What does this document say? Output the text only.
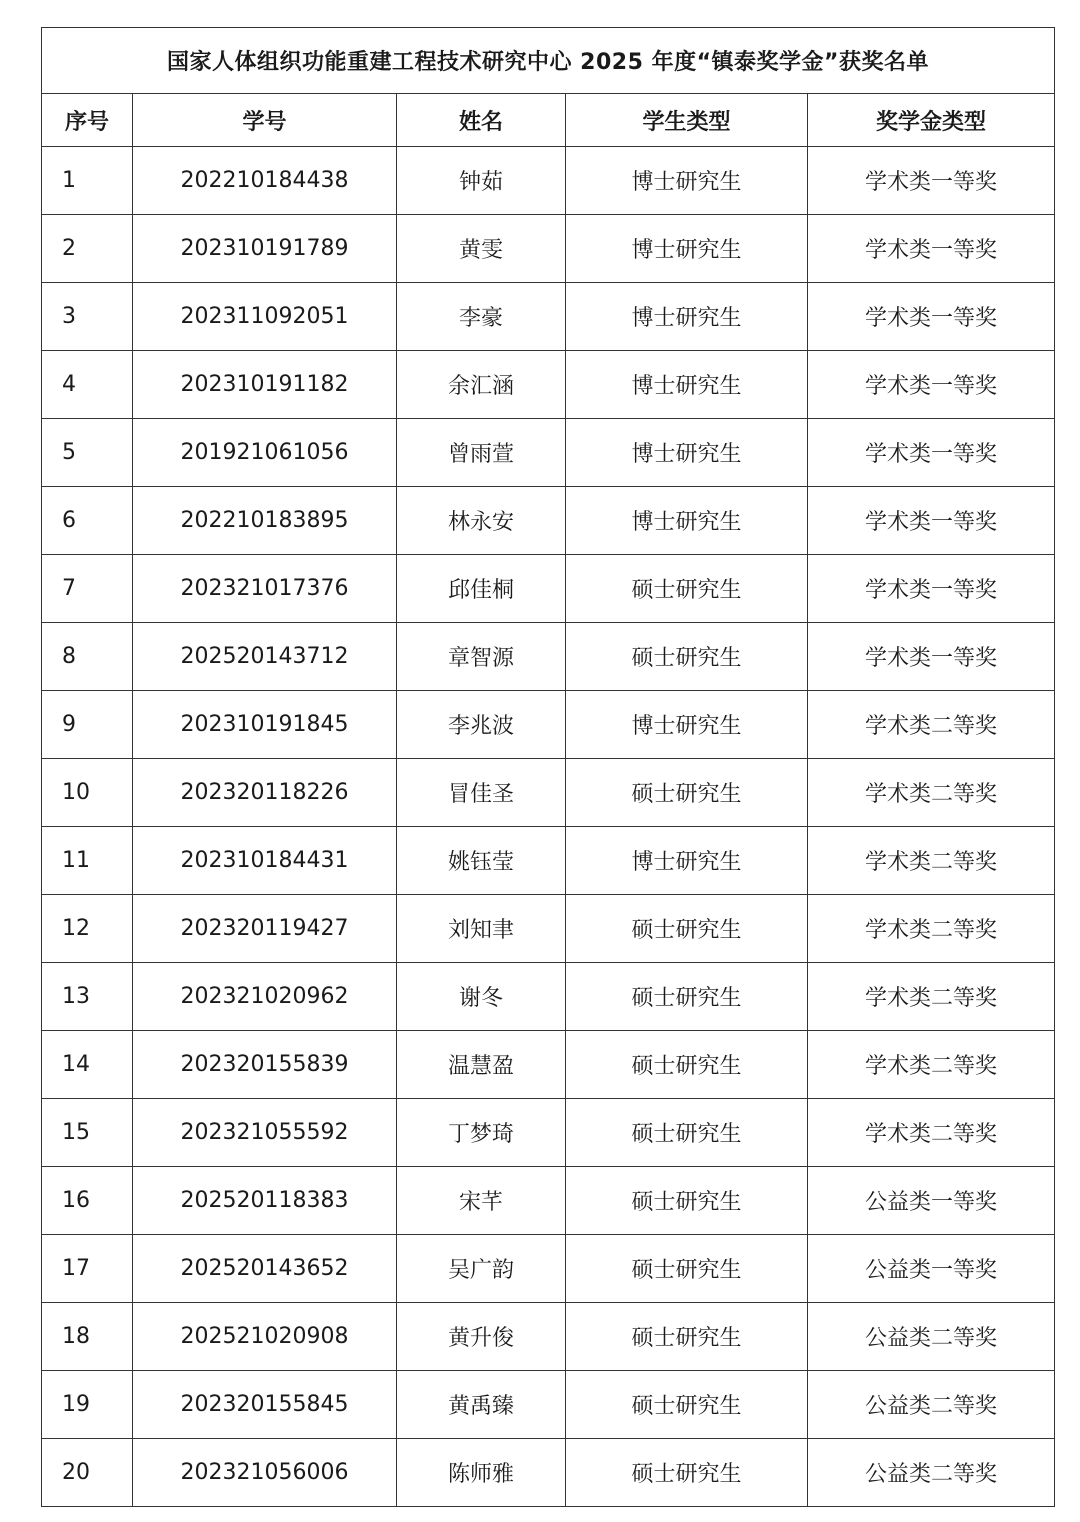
国家人体组织功能重建工程技术研究中心 2025 年度“镇泰奖学金”获奖名单				
序号	学号	姓名	学生类型	奖学金类型
1	202210184438	钟茹	博士研究生	学术类一等奖
2	202310191789	黄雯	博士研究生	学术类一等奖
3	202311092051	李豪	博士研究生	学术类一等奖
4	202310191182	余汇涵	博士研究生	学术类一等奖
5	201921061056	曾雨萱	博士研究生	学术类一等奖
6	202210183895	林永安	博士研究生	学术类一等奖
7	202321017376	邱佳桐	硕士研究生	学术类一等奖
8	202520143712	章智源	硕士研究生	学术类一等奖
9	202310191845	李兆波	博士研究生	学术类二等奖
10	202320118226	冒佳圣	硕士研究生	学术类二等奖
11	202310184431	姚钰莹	博士研究生	学术类二等奖
12	202320119427	刘知聿	硕士研究生	学术类二等奖
13	202321020962	谢冬	硕士研究生	学术类二等奖
14	202320155839	温慧盈	硕士研究生	学术类二等奖
15	202321055592	丁梦琦	硕士研究生	学术类二等奖
16	202520118383	宋芊	硕士研究生	公益类一等奖
17	202520143652	吴广韵	硕士研究生	公益类一等奖
18	202521020908	黄升俊	硕士研究生	公益类二等奖
19	202320155845	黄禹臻	硕士研究生	公益类二等奖
20	202321056006	陈师雅	硕士研究生	公益类二等奖
